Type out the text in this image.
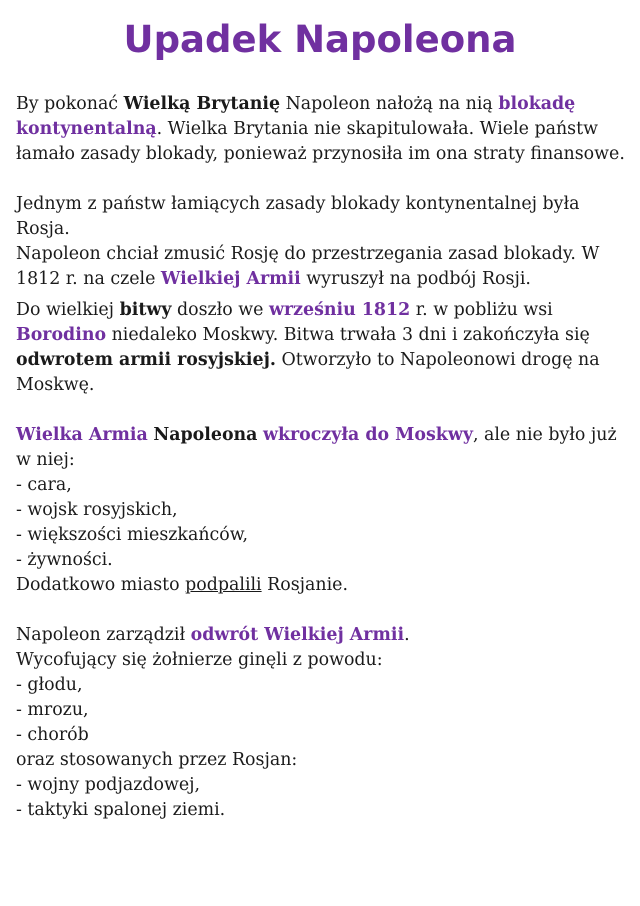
Upadek Napoleona

By pokonać Wielką Brytanię Napoleon nałożą na nią blokadę kontynentalną. Wielka Brytania nie skapitulowała. Wiele państw łamało zasady blokady, ponieważ przynosiła im ona straty finansowe.

Jednym z państw łamiących zasady blokady kontynentalnej była Rosja.

Napoleon chciał zmusić Rosję do przestrzegania zasad blokady. W 1812 r. na czele Wielkiej Armii wyruszył na podbój Rosji.

Do wielkiej bitwy doszło we wrześniu 1812 r. w pobliżu wsi Borodino niedaleko Moskwy. Bitwa trwała 3 dni i zakończyła się odwrotem armii rosyjskiej. Otworzyło to Napoleonowi drogę na Moskwę.

Wielka Armia Napoleona wkroczyła do Moskwy, ale nie było już w niej:

- cara,

- wojsk rosyjskich,

- większości mieszkańców,

- żywności.

Dodatkowo miasto podpalili Rosjanie.

Napoleon zarządził odwrót Wielkiej Armii.

Wycofujący się żołnierze ginęli z powodu:

- głodu,

- mrozu,

- chorób

oraz stosowanych przez Rosjan:

- wojny podjazdowej,

- taktyki spalonej ziemi.
